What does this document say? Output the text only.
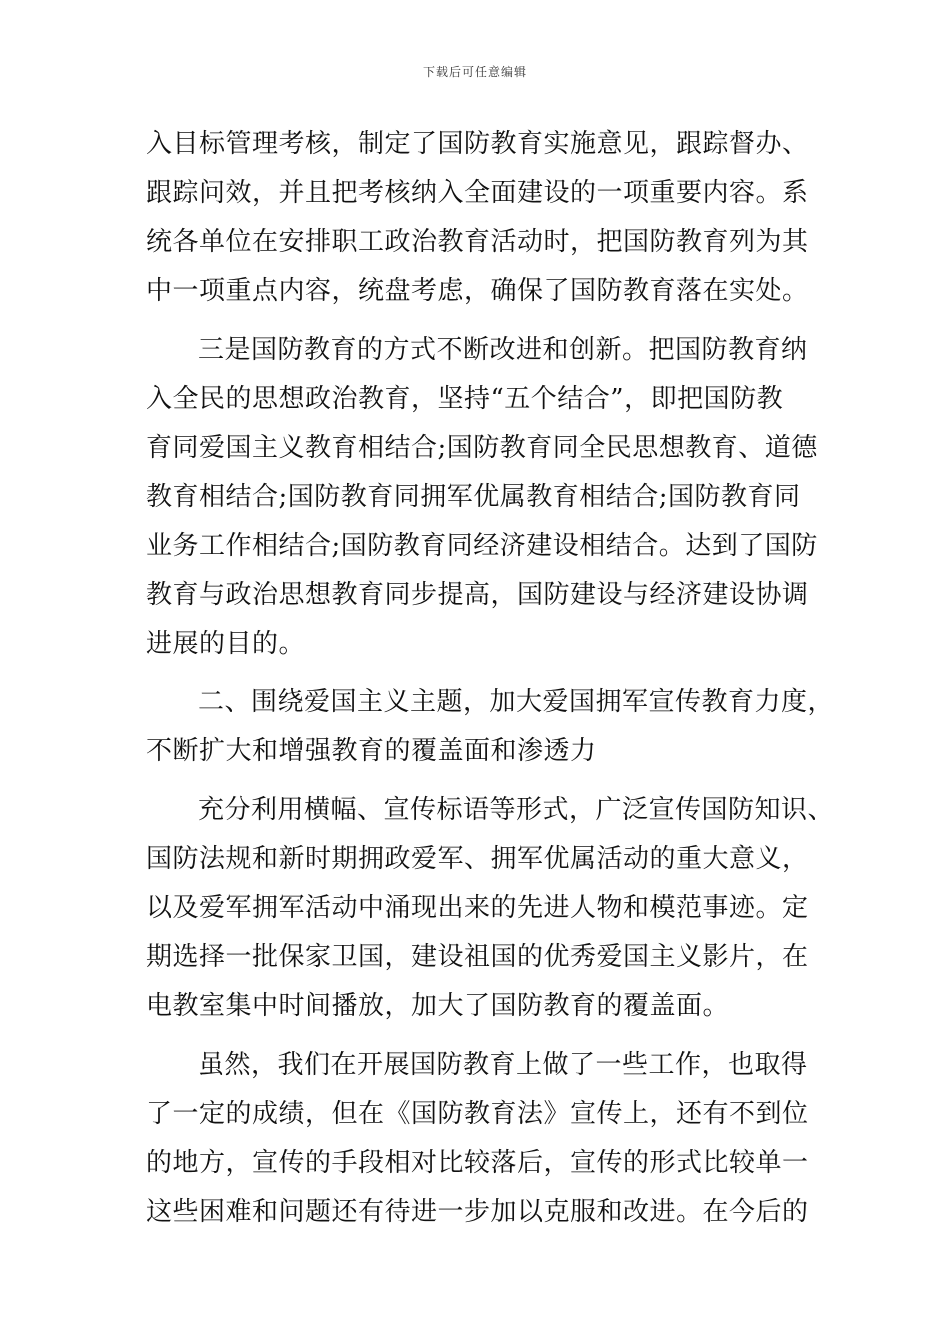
下载后可任意编辑
入目标管理考核，制定了国防教育实施意见，跟踪督办、
跟踪问效，并且把考核纳入全面建设的一项重要内容。系
统各单位在安排职工政治教育活动时，把国防教育列为其
中一项重点内容，统盘考虑，确保了国防教育落在实处。
三是国防教育的方式不断改进和创新。把国防教育纳
入全民的思想政治教育，坚持“五个结合”，即把国防教
育同爱国主义教育相结合;国防教育同全民思想教育、道德
教育相结合;国防教育同拥军优属教育相结合;国防教育同
业务工作相结合;国防教育同经济建设相结合。达到了国防
教育与政治思想教育同步提高，国防建设与经济建设协调
进展的目的。
二、围绕爱国主义主题，加大爱国拥军宣传教育力度，
不断扩大和增强教育的覆盖面和渗透力
充分利用横幅、宣传标语等形式，广泛宣传国防知识、
国防法规和新时期拥政爱军、拥军优属活动的重大意义，
以及爱军拥军活动中涌现出来的先进人物和模范事迹。定
期选择一批保家卫国，建设祖国的优秀爱国主义影片，在
电教室集中时间播放，加大了国防教育的覆盖面。
虽然，我们在开展国防教育上做了一些工作，也取得
了一定的成绩，但在《国防教育法》宣传上，还有不到位
的地方，宣传的手段相对比较落后，宣传的形式比较单一
这些困难和问题还有待进一步加以克服和改进。在今后的
